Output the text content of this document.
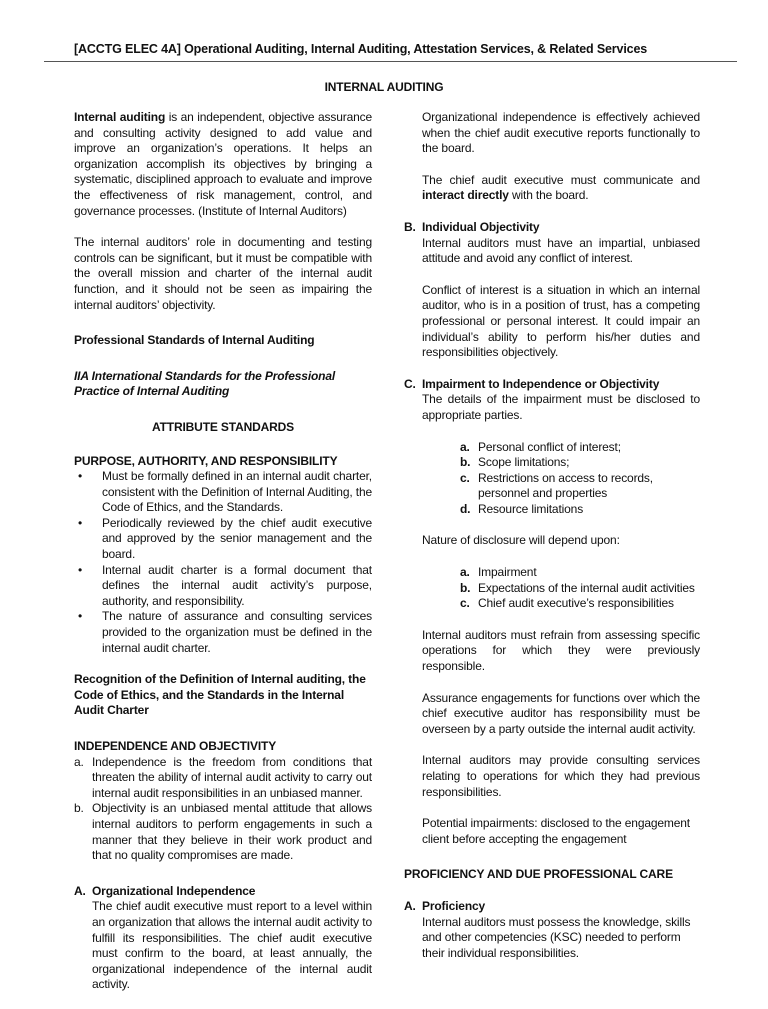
[ACCTG ELEC 4A] Operational Auditing, Internal Auditing, Attestation Services, & Related Services
INTERNAL AUDITING

Internal auditing is an independent, objective assurance and consulting activity designed to add value and improve an organization’s operations. It helps an organization accomplish its objectives by bringing a systematic, disciplined approach to evaluate and improve the effectiveness of risk management, control, and governance processes. (Institute of Internal Auditors)

The internal auditors’ role in documenting and testing controls can be significant, but it must be compatible with the overall mission and charter of the internal audit function, and it should not be seen as impairing the internal auditors’ objectivity.

Professional Standards of Internal Auditing

IIA International Standards for the Professional Practice of Internal Auditing

ATTRIBUTE STANDARDS

PURPOSE, AUTHORITY, AND RESPONSIBILITY
• Must be formally defined in an internal audit charter, consistent with the Definition of Internal Auditing, the Code of Ethics, and the Standards.
• Periodically reviewed by the chief audit executive and approved by the senior management and the board.
• Internal audit charter is a formal document that defines the internal audit activity’s purpose, authority, and responsibility.
• The nature of assurance and consulting services provided to the organization must be defined in the internal audit charter.

Recognition of the Definition of Internal auditing, the Code of Ethics, and the Standards in the Internal Audit Charter

INDEPENDENCE AND OBJECTIVITY
a. Independence is the freedom from conditions that threaten the ability of internal audit activity to carry out internal audit responsibilities in an unbiased manner.
b. Objectivity is an unbiased mental attitude that allows internal auditors to perform engagements in such a manner that they believe in their work product and that no quality compromises are made.
A. Organizational Independence

The chief audit executive must report to a level within an organization that allows the internal audit activity to fulfill its responsibilities. The chief audit executive must confirm to the board, at least annually, the organizational independence of the internal audit activity.

Organizational independence is effectively achieved when the chief audit executive reports functionally to the board.

The chief audit executive must communicate and interact directly with the board.

B. Individual Objectivity

Internal auditors must have an impartial, unbiased attitude and avoid any conflict of interest.

Conflict of interest is a situation in which an internal auditor, who is in a position of trust, has a competing professional or personal interest. It could impair an individual’s ability to perform his/her duties and responsibilities objectively.

C. Impairment to Independence or Objectivity

The details of the impairment must be disclosed to appropriate parties.

a. Personal conflict of interest;
b. Scope limitations;
c. Restrictions on access to records, personnel and properties
d. Resource limitations

Nature of disclosure will depend upon:

a. Impairment
b. Expectations of the internal audit activities
c. Chief audit executive’s responsibilities

Internal auditors must refrain from assessing specific operations for which they were previously responsible.

Assurance engagements for functions over which the chief executive auditor has responsibility must be overseen by a party outside the internal audit activity.

Internal auditors may provide consulting services relating to operations for which they had previous responsibilities.

Potential impairments: disclosed to the engagement client before accepting the engagement

PROFICIENCY AND DUE PROFESSIONAL CARE

A. Proficiency

Internal auditors must possess the knowledge, skills and other competencies (KSC) needed to perform their individual responsibilities.
